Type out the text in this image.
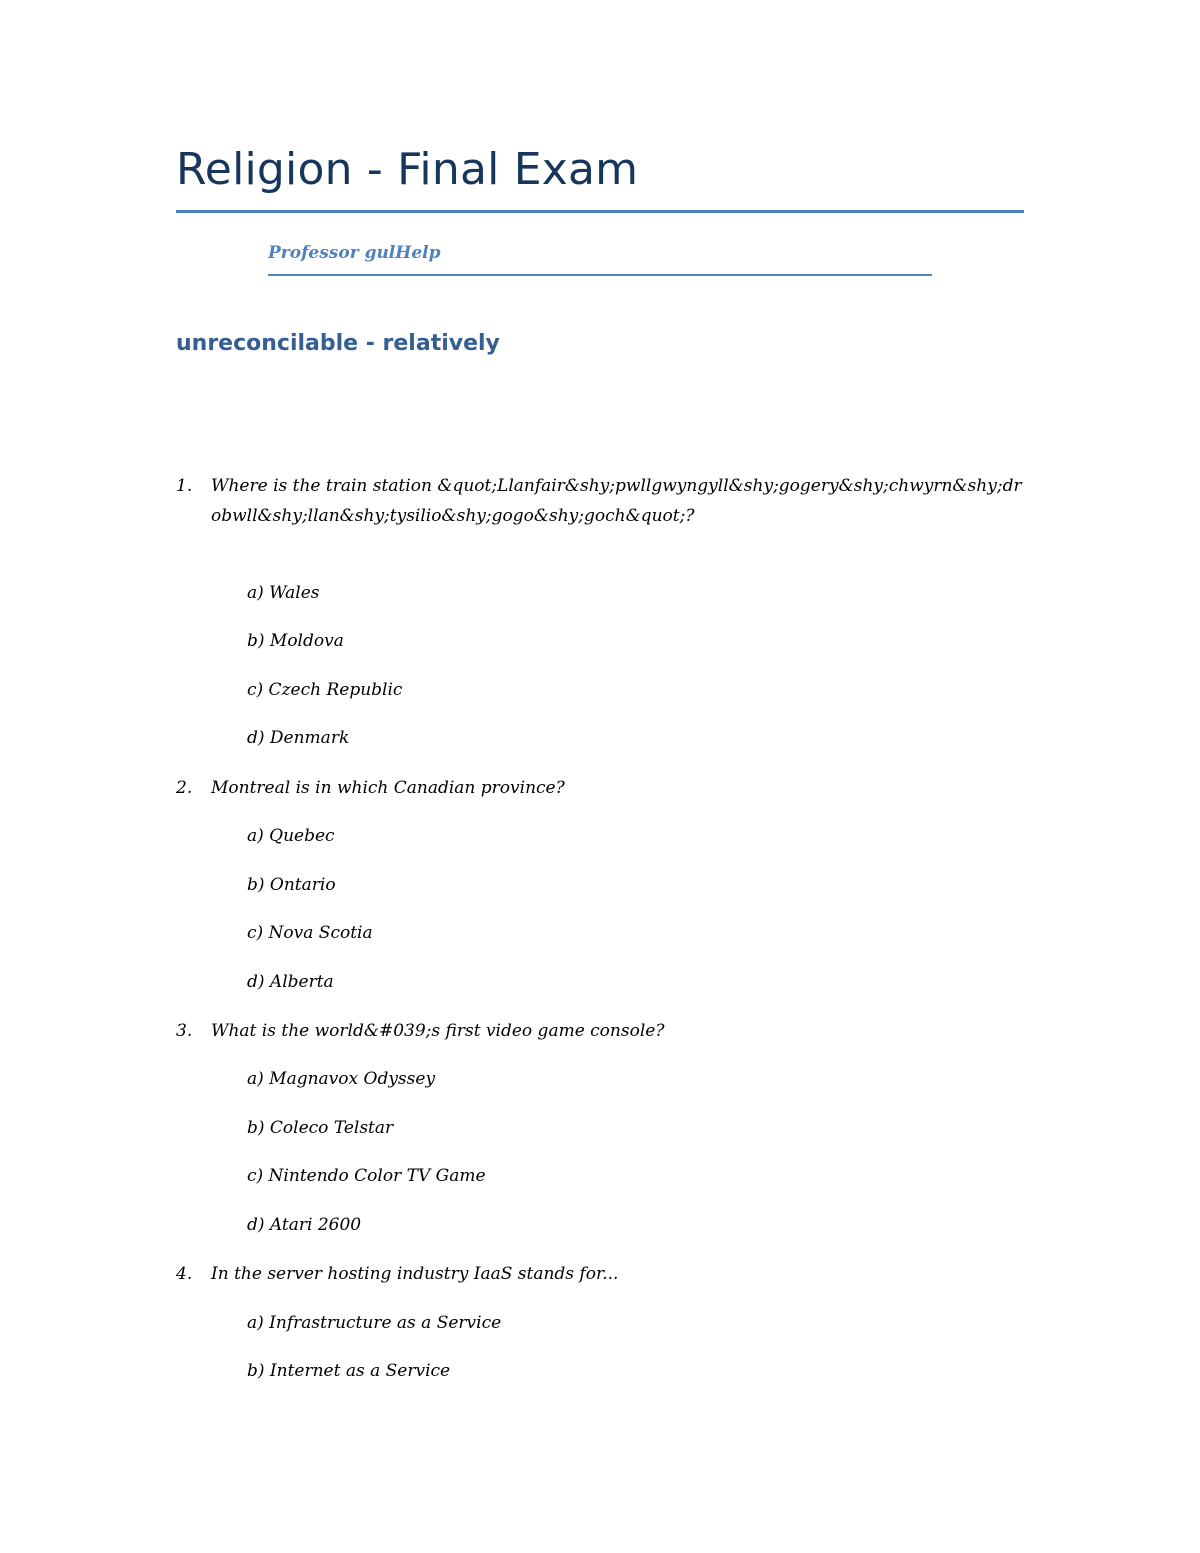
Religion - Final Exam
Professor gulHelp
unreconcilable - relatively
1. Where is the train station &quot;Llanfair&shy;pwllgwyngyll&shy;gogery&shy;chwyrn&shy;drobwll&shy;llan&shy;tysilio&shy;gogo&shy;goch&quot;?
a) Wales
b) Moldova
c) Czech Republic
d) Denmark
2. Montreal is in which Canadian province?
a) Quebec
b) Ontario
c) Nova Scotia
d) Alberta
3. What is the world&#039;s first video game console?
a) Magnavox Odyssey
b) Coleco Telstar
c) Nintendo Color TV Game
d) Atari 2600
4. In the server hosting industry IaaS stands for...
a) Infrastructure as a Service
b) Internet as a Service
